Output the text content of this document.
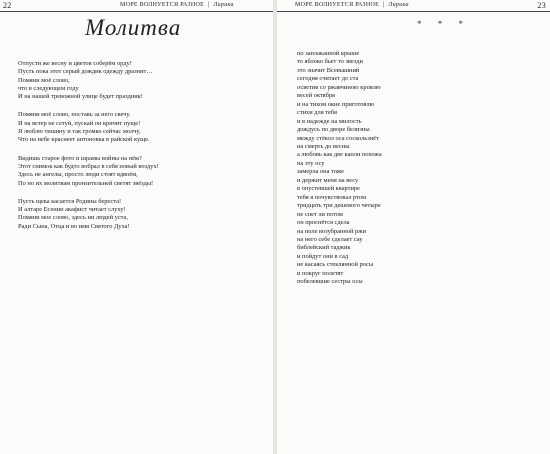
22	МОРЕ ВОЛНУЕТСЯ РАЗНОЕ | Лирика
Молитва
Отпусти же весну и цветов соберём орду!
Пусть пока этот серый дождик одежду дразнит…
Помяни моё слово,
что в следующем году
И на нашей тревожной улице будет праздник!
Помяни моё слово, поставь за него свечу.
И на ветер не сетуй, пускай он кричит пуще!
Я люблю тишину и так громко сейчас молчу,
Что на небе краснеет антоновка в райской куще.
Видишь старое фото и шрамы войны на нём?
Этот снимок как будто вобрал в себя новый воздух!
Здесь не ангелы, просто люди стоят вдвоём,
По но их молитвам пронзительней светят звёзды!
Пусть щека касается Родины береста!
И алтаре Есенин акафист читает слуху!
Помяни мое слово, здесь ни людей уста,
Ради Сына, Отца и во имя Святого Духа!
МОРЕ ВОЛНУЕТСЯ РАЗНОЕ | Лирика	23
* * *
по заплаканной крыше
то яблоко бьет то звезди
это значит Всевышний
сегодня считает до ста
осветив со ржавчиною кровлю
весей октября
и на тихом окне приготовлю
стихи для тебя
и в надежде на милость
дождусь по дворе белизны
между стёкол оса соскользнёт
на смерть до весны
а любовь как две капли похожа
на эту осу
замерла она тоже
и держит меня на весу
в опустевшей квартире
тебя я почувствовал ртом
тридцать три дешевого четыре
не спет ли потом
он проснётся сдела
на поле возубранной ржи
на него себе сделает сау
библейский таджик
и пойдут они в сад
не касаясь стеклянной росы
и покруг полетят
побелевшие сестры осы
